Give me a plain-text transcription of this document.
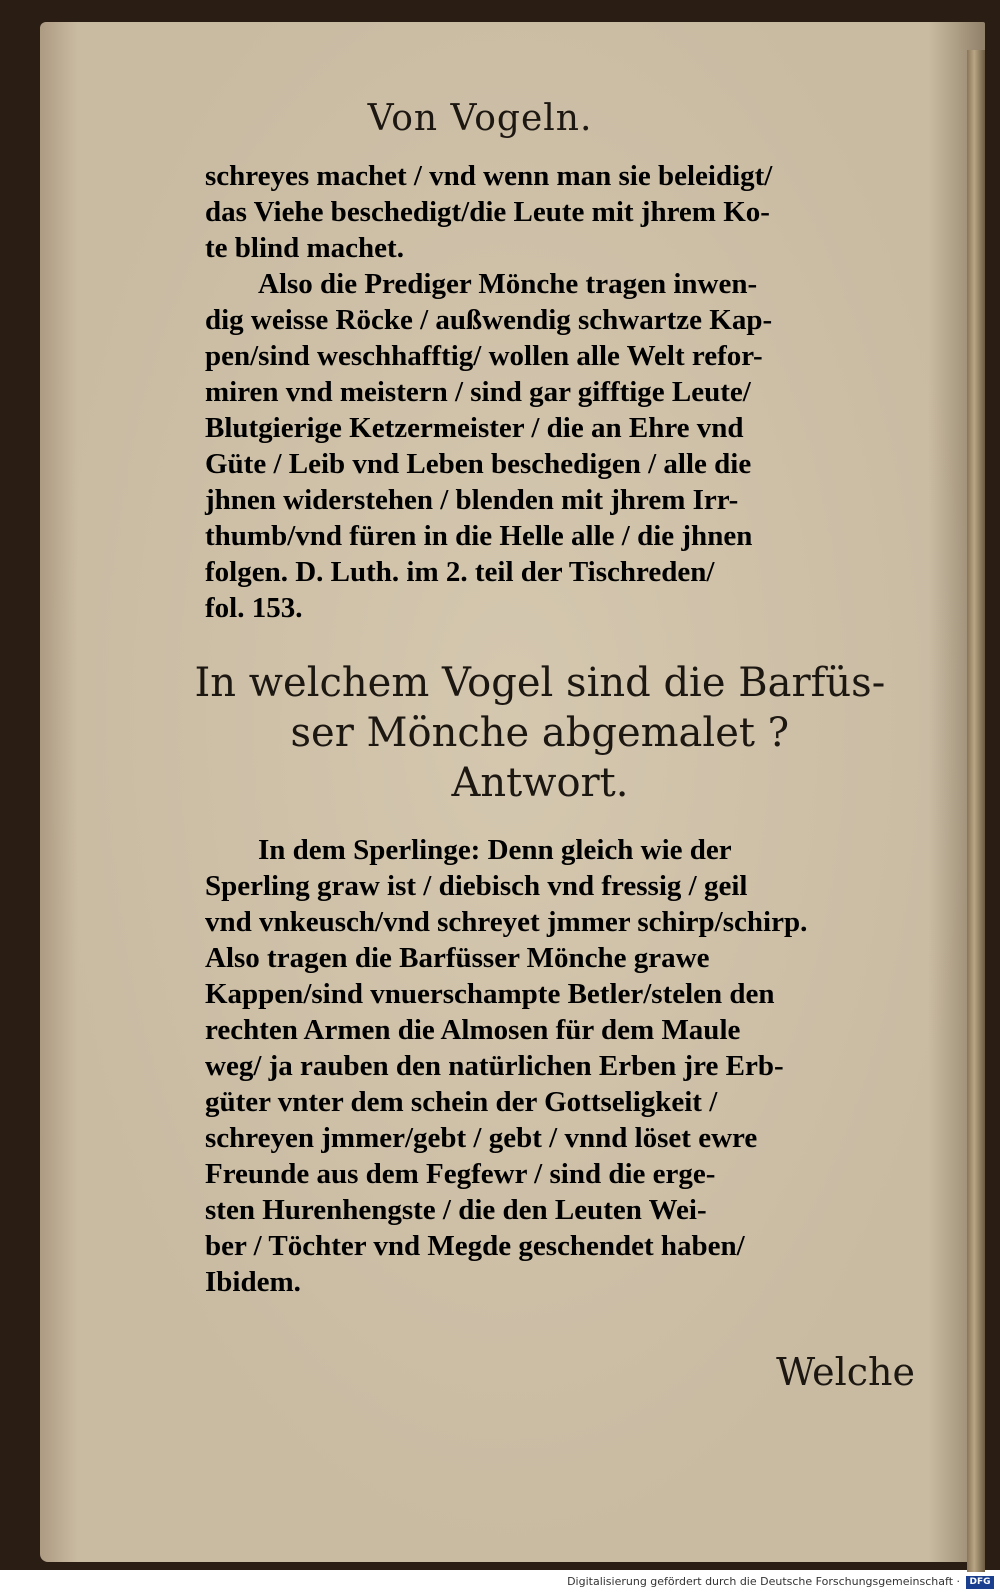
Von Vogeln.
schreyes machet / vnd wenn man sie beleidigt/
das Viehe beschedigt/die Leute mit jhrem Ko-
te blind machet.
Also die Prediger Mönche tragen inwen-
dig weisse Röcke / außwendig schwartze Kap-
pen/sind weschhafftig/ wollen alle Welt refor-
miren vnd meistern / sind gar gifftige Leute/
Blutgierige Ketzermeister / die an Ehre vnd
Güte / Leib vnd Leben beschedigen / alle die
jhnen widerstehen / blenden mit jhrem Irr-
thumb/vnd füren in die Helle alle / die jhnen
folgen. D. Luth. im 2. teil der Tischreden/
fol. 153.
In welchem Vogel sind die Barfüs-
ser Mönche abgemalet ?
Antwort.
In dem Sperlinge: Denn gleich wie der
Sperling graw ist / diebisch vnd fressig / geil
vnd vnkeusch/vnd schreyet jmmer schirp/schirp.
Also tragen die Barfüsser Mönche grawe
Kappen/sind vnuerschampte Betler/stelen den
rechten Armen die Almosen für dem Maule
weg/ ja rauben den natürlichen Erben jre Erb-
güter vnter dem schein der Gottseligkeit /
schreyen jmmer/gebt / gebt / vnnd löset ewre
Freunde aus dem Fegfewr / sind die erge-
sten Hurenhengste / die den Leuten Wei-
ber / Töchter vnd Megde geschendet haben/
Ibidem.
Welche
Digitalisierung gefördert durch die Deutsche Forschungsgemeinschaft ·	DFG
